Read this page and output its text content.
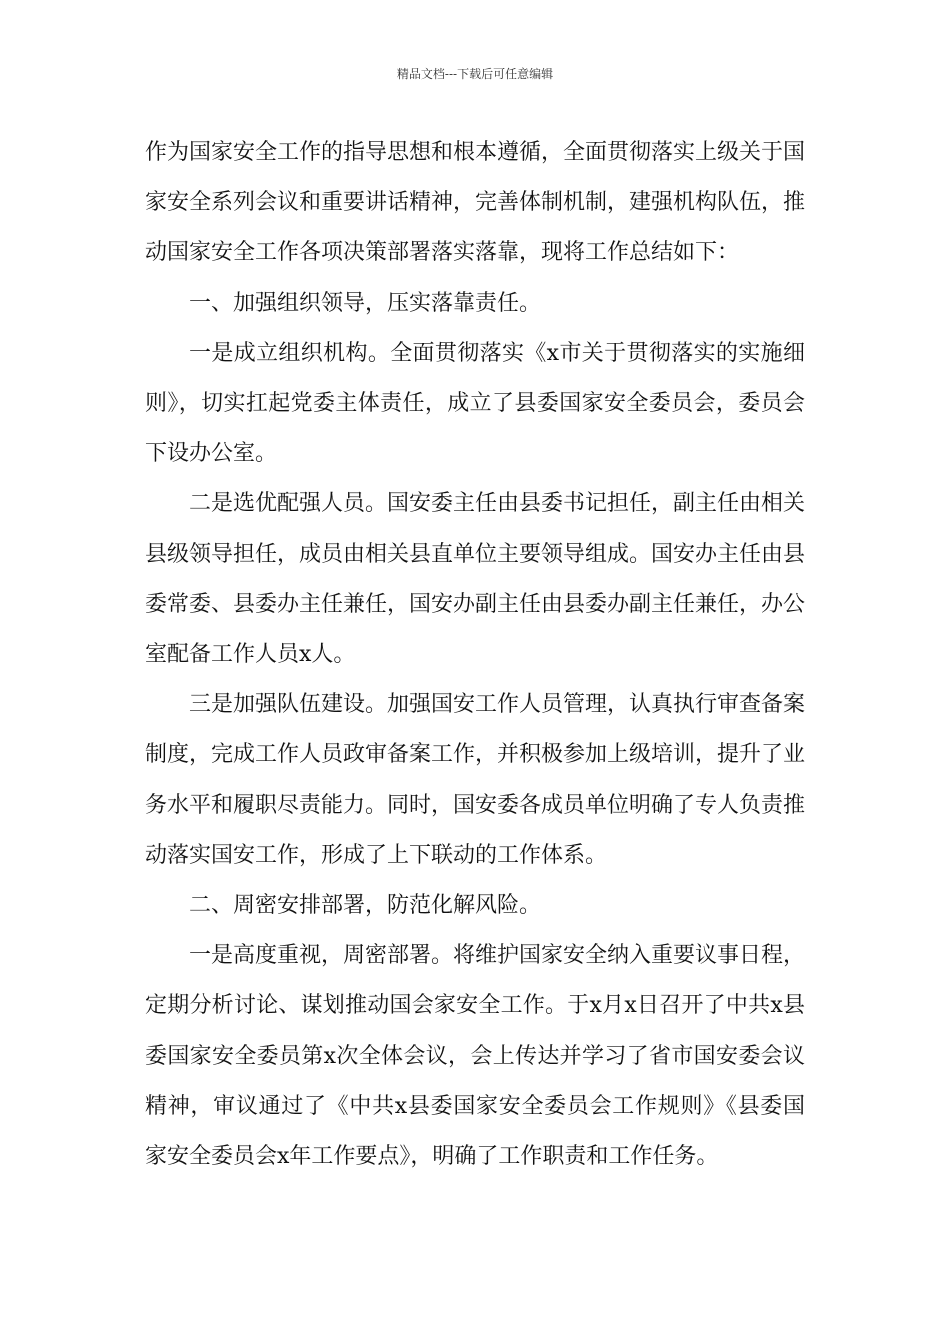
精品文档---下载后可任意编辑

作为国家安全工作的指导思想和根本遵循，全面贯彻落实上级关于国家安全系列会议和重要讲话精神，完善体制机制，建强机构队伍，推动国家安全工作各项决策部署落实落靠，现将工作总结如下：

一、加强组织领导，压实落靠责任。

一是成立组织机构。全面贯彻落实《x市关于贯彻落实的实施细则》，切实扛起党委主体责任，成立了县委国家安全委员会，委员会下设办公室。

二是选优配强人员。国安委主任由县委书记担任，副主任由相关县级领导担任，成员由相关县直单位主要领导组成。国安办主任由县委常委、县委办主任兼任，国安办副主任由县委办副主任兼任，办公室配备工作人员x人。

三是加强队伍建设。加强国安工作人员管理，认真执行审查备案制度，完成工作人员政审备案工作，并积极参加上级培训，提升了业务水平和履职尽责能力。同时，国安委各成员单位明确了专人负责推动落实国安工作，形成了上下联动的工作体系。

二、周密安排部署，防范化解风险。

一是高度重视，周密部署。将维护国家安全纳入重要议事日程，定期分析讨论、谋划推动国会家安全工作。于x月x日召开了中共x县委国家安全委员第x次全体会议，会上传达并学习了省市国安委会议精神，审议通过了《中共x县委国家安全委员会工作规则》《县委国家安全委员会x年工作要点》，明确了工作职责和工作任务。
